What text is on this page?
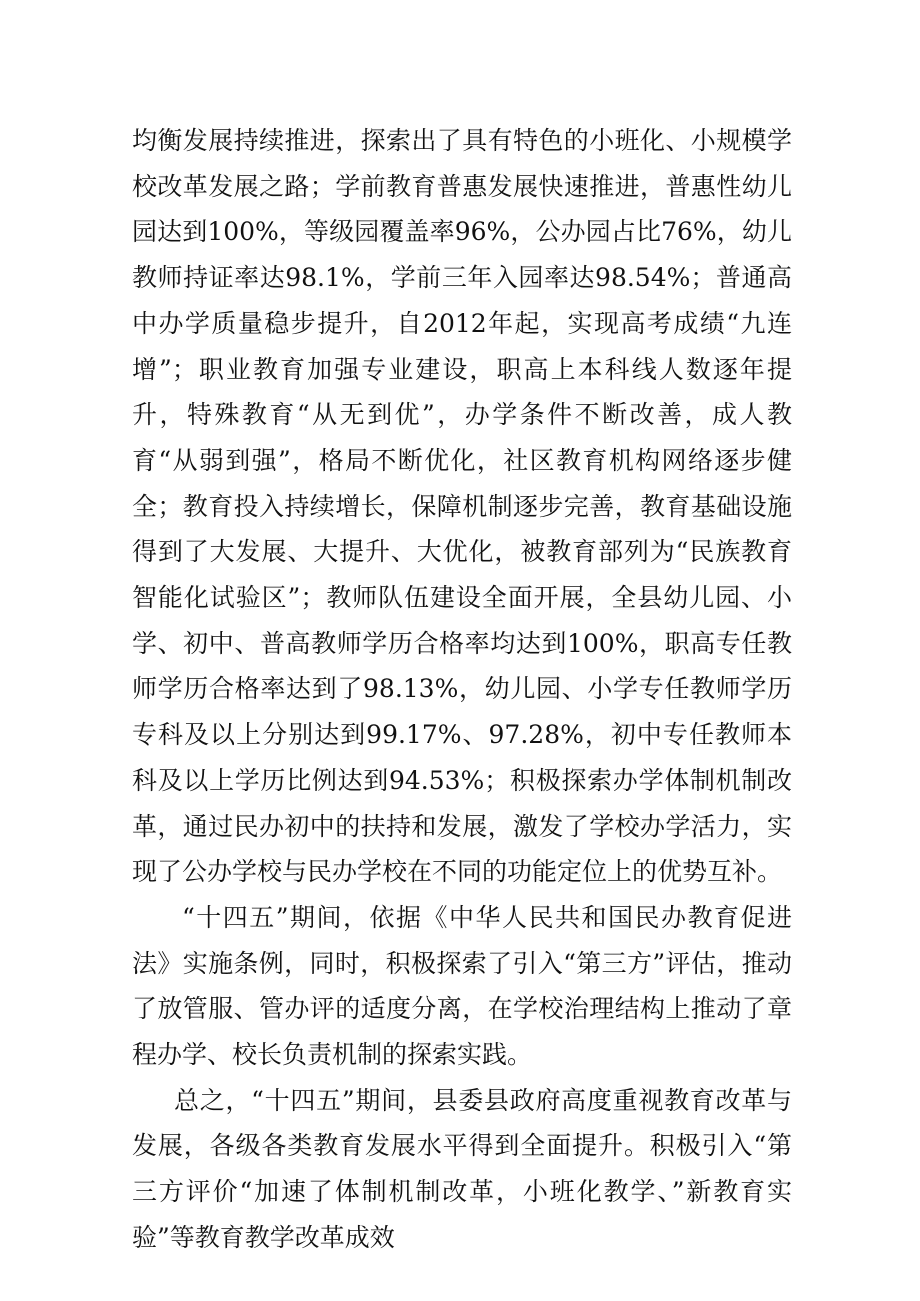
均衡发展持续推进，探索出了具有特色的小班化、小规模学校改革发展之路；学前教育普惠发展快速推进，普惠性幼儿园达到100%，等级园覆盖率96%，公办园占比76%，幼儿教师持证率达98.1%，学前三年入园率达98.54%；普通高中办学质量稳步提升，自2012年起，实现高考成绩“九连增”；职业教育加强专业建设，职高上本科线人数逐年提升，特殊教育“从无到优”，办学条件不断改善，成人教育“从弱到强”，格局不断优化，社区教育机构网络逐步健全；教育投入持续增长，保障机制逐步完善，教育基础设施得到了大发展、大提升、大优化，被教育部列为“民族教育智能化试验区”；教师队伍建设全面开展，全县幼儿园、小学、初中、普高教师学历合格率均达到100%，职高专任教师学历合格率达到了98.13%，幼儿园、小学专任教师学历专科及以上分别达到99.17%、97.28%，初中专任教师本科及以上学历比例达到94.53%；积极探索办学体制机制改革，通过民办初中的扶持和发展，激发了学校办学活力，实现了公办学校与民办学校在不同的功能定位上的优势互补。

“十四五”期间，依据《中华人民共和国民办教育促进法》实施条例，同时，积极探索了引入“第三方”评估，推动了放管服、管办评的适度分离，在学校治理结构上推动了章程办学、校长负责机制的探索实践。

总之，“十四五”期间，县委县政府高度重视教育改革与发展，各级各类教育发展水平得到全面提升。积极引入“第三方评价“加速了体制机制改革，小班化教学、”新教育实验”等教育教学改革成效
